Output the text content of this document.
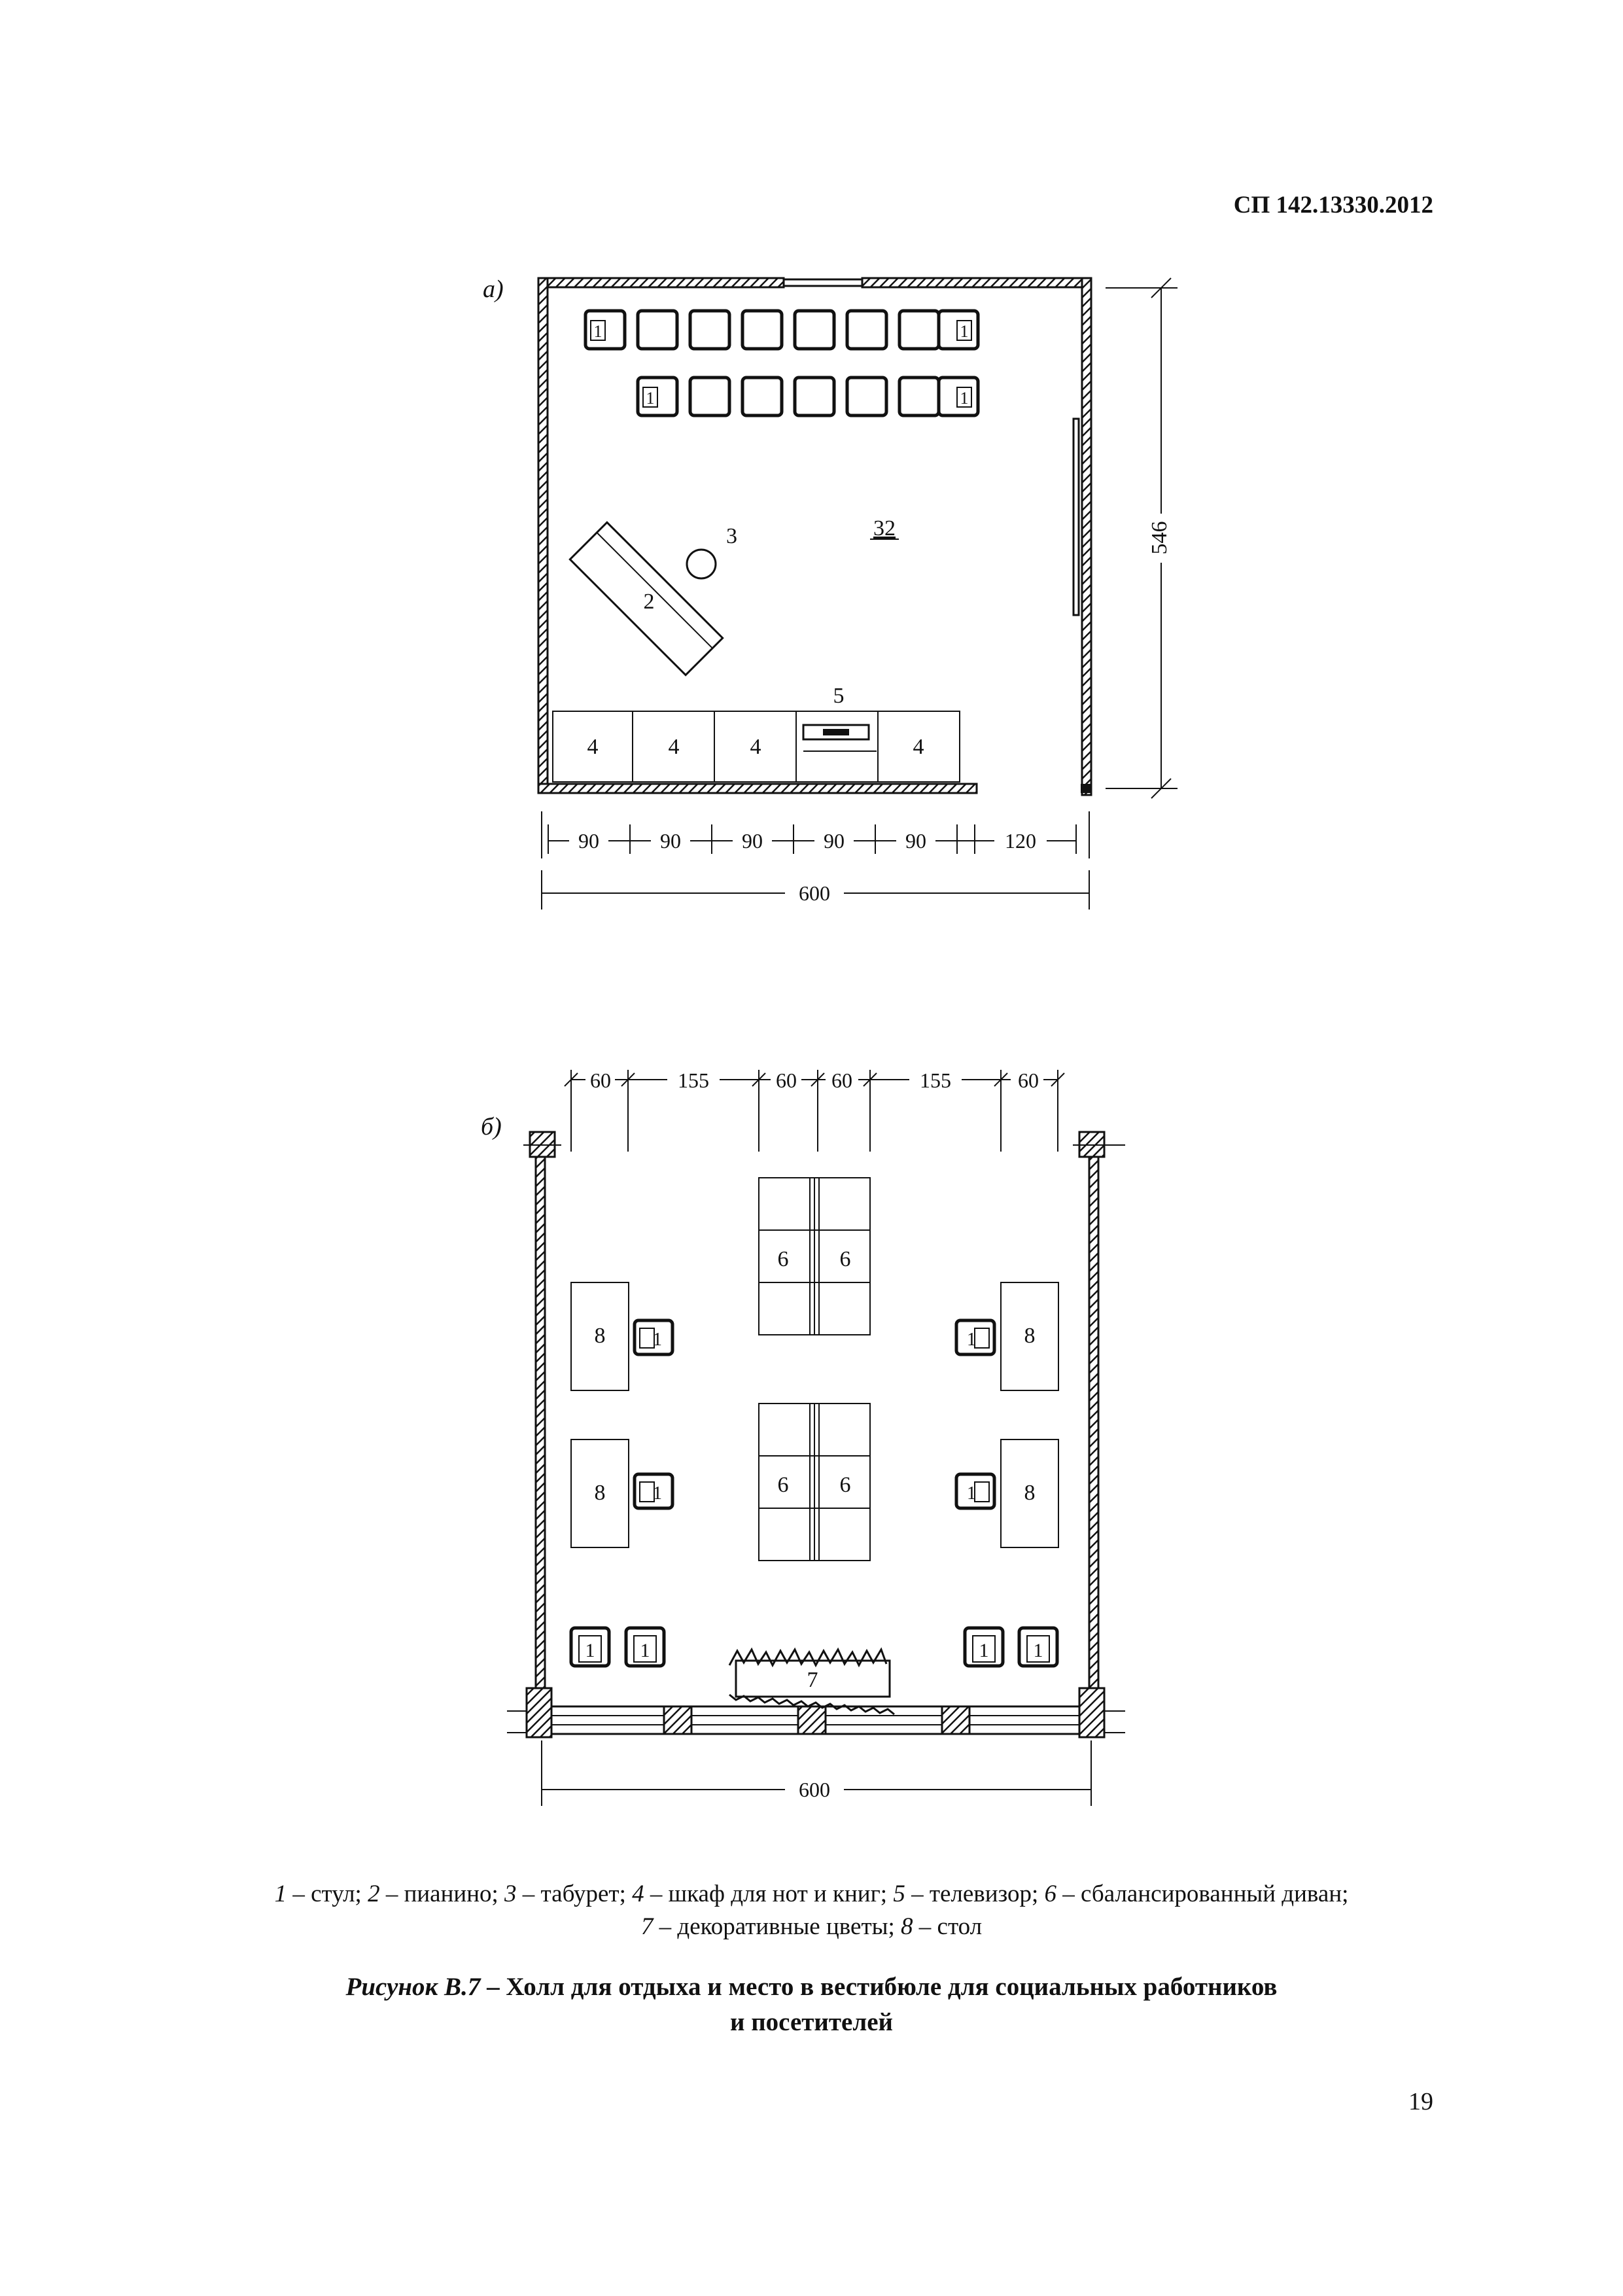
СП 142.13330.2012
а)
1	1
1	1
2
3	32
4	4	4	4
5
546
90	90	90	90	90	120
600
б)
60	155	60 60	155	60
6 6
6 6
8	1
8	1
8
1
8
1
1 1	1 1
7
600
1 – стул; 2 – пианино; 3 – табурет; 4 – шкаф для нот и книг; 5 – телевизор; 6 – сбалансированный диван;
7 – декоративные цветы; 8 – стол
Рисунок В.7 – Холл для отдыха и место в вестибюле для социальных работников
и посетителей
19
